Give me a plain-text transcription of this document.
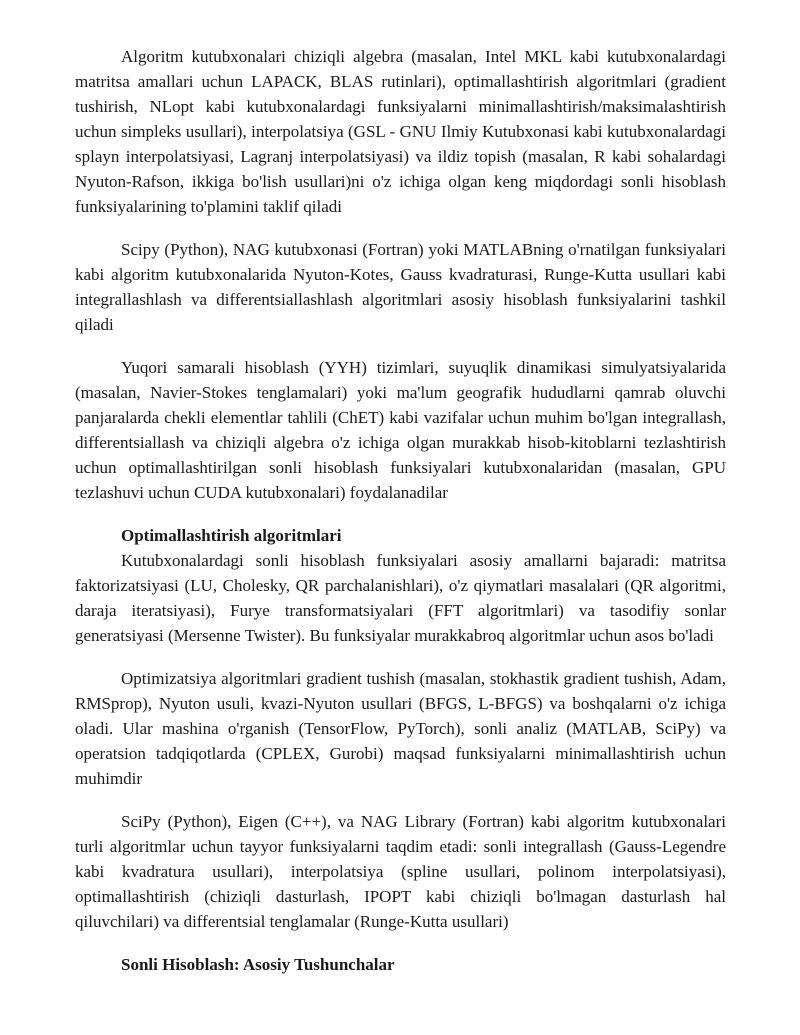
Algoritm kutubxonalari chiziqli algebra (masalan, Intel MKL kabi kutubxonalardagi matritsa amallari uchun LAPACK, BLAS rutinlari), optimallashtirish algoritmlari (gradient tushirish, NLopt kabi kutubxonalardagi funksiyalarni minimallashtirish/maksimalashtirish uchun simpleks usullari), interpolatsiya (GSL - GNU Ilmiy Kutubxonasi kabi kutubxonalardagi splayn interpolatsiyasi, Lagranj interpolatsiyasi) va ildiz topish (masalan, R kabi sohalardagi Nyuton-Rafson, ikkiga bo'lish usullari)ni o'z ichiga olgan keng miqdordagi sonli hisoblash funksiyalarining to'plamini taklif qiladi

Scipy (Python), NAG kutubxonasi (Fortran) yoki MATLABning o'rnatilgan funksiyalari kabi algoritm kutubxonalarida Nyuton-Kotes, Gauss kvadraturasi, Runge-Kutta usullari kabi integrallashlash va differentsiallashlash algoritmlari asosiy hisoblash funksiyalarini tashkil qiladi

Yuqori samarali hisoblash (YYH) tizimlari, suyuqlik dinamikasi simulyatsiyalarida (masalan, Navier-Stokes tenglamalari) yoki ma'lum geografik hududlarni qamrab oluvchi panjaralarda chekli elementlar tahlili (ChET) kabi vazifalar uchun muhim bo'lgan integrallash, differentsiallash va chiziqli algebra o'z ichiga olgan murakkab hisob-kitoblarni tezlashtirish uchun optimallashtirilgan sonli hisoblash funksiyalari kutubxonalaridan (masalan, GPU tezlashuvi uchun CUDA kutubxonalari) foydalanadilar

Optimallashtirish algoritmlari

Kutubxonalardagi sonli hisoblash funksiyalari asosiy amallarni bajaradi: matritsa faktorizatsiyasi (LU, Cholesky, QR parchalanishlari), o'z qiymatlari masalalari (QR algoritmi, daraja iteratsiyasi), Furye transformatsiyalari (FFT algoritmlari) va tasodifiy sonlar generatsiyasi (Mersenne Twister). Bu funksiyalar murakkabroq algoritmlar uchun asos bo'ladi

Optimizatsiya algoritmlari gradient tushish (masalan, stokhastik gradient tushish, Adam, RMSprop), Nyuton usuli, kvazi-Nyuton usullari (BFGS, L-BFGS) va boshqalarni o'z ichiga oladi. Ular mashina o'rganish (TensorFlow, PyTorch), sonli analiz (MATLAB, SciPy) va operatsion tadqiqotlarda (CPLEX, Gurobi) maqsad funksiyalarni minimallashtirish uchun muhimdir

SciPy (Python), Eigen (C++), va NAG Library (Fortran) kabi algoritm kutubxonalari turli algoritmlar uchun tayyor funksiyalarni taqdim etadi: sonli integrallash (Gauss-Legendre kabi kvadratura usullari), interpolatsiya (spline usullari, polinom interpolatsiyasi), optimallashtirish (chiziqli dasturlash, IPOPT kabi chiziqli bo'lmagan dasturlash hal qiluvchilari) va differentsial tenglamalar (Runge-Kutta usullari)

Sonli Hisoblash: Asosiy Tushunchalar
